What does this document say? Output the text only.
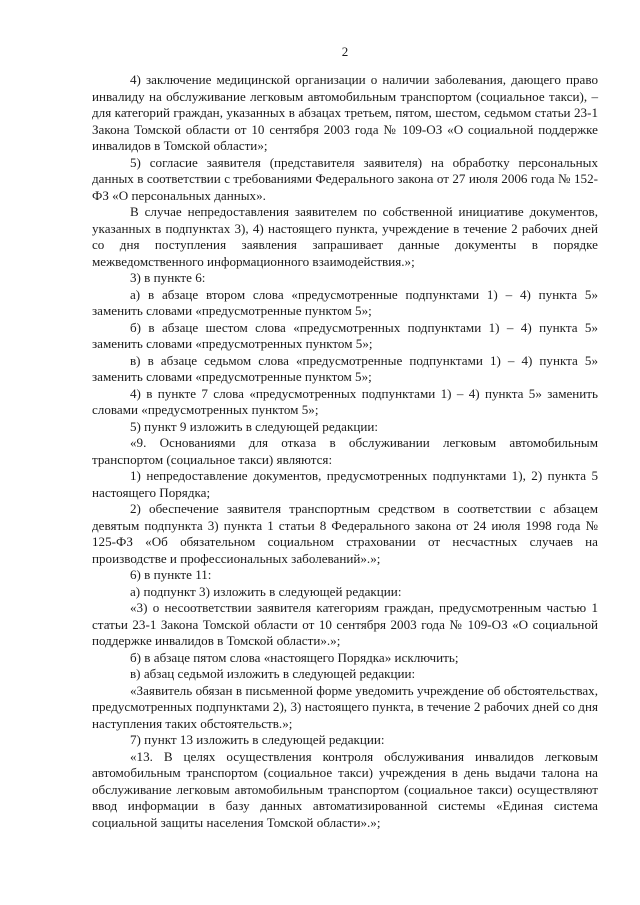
2

4) заключение медицинской организации о наличии заболевания, дающего право инвалиду на обслуживание легковым автомобильным транспортом (социальное такси), – для категорий граждан, указанных в абзацах третьем, пятом, шестом, седьмом статьи 23-1 Закона Томской области от 10 сентября 2003 года № 109-ОЗ «О социальной поддержке инвалидов в Томской области»;

5) согласие заявителя (представителя заявителя) на обработку персональных данных в соответствии с требованиями Федерального закона от 27 июля 2006 года № 152-ФЗ «О персональных данных».

В случае непредоставления заявителем по собственной инициативе документов, указанных в подпунктах 3), 4) настоящего пункта, учреждение в течение 2 рабочих дней со дня поступления заявления запрашивает данные документы в порядке межведомственного информационного взаимодействия.»;

3) в пункте 6:

а) в абзаце втором слова «предусмотренные подпунктами 1) – 4) пункта 5» заменить словами «предусмотренные пунктом 5»;

б) в абзаце шестом слова «предусмотренных подпунктами 1) – 4) пункта 5» заменить словами «предусмотренных пунктом 5»;

в) в абзаце седьмом слова «предусмотренные подпунктами 1) – 4) пункта 5» заменить словами «предусмотренные пунктом 5»;

4) в пункте 7 слова «предусмотренных подпунктами 1) – 4) пункта 5» заменить словами «предусмотренных пунктом 5»;

5) пункт 9 изложить в следующей редакции:

«9. Основаниями для отказа в обслуживании легковым автомобильным транспортом (социальное такси) являются:

1) непредоставление документов, предусмотренных подпунктами 1), 2) пункта 5 настоящего Порядка;

2) обеспечение заявителя транспортным средством в соответствии с абзацем девятым подпункта 3) пункта 1 статьи 8 Федерального закона от 24 июля 1998 года № 125-ФЗ «Об обязательном социальном страховании от несчастных случаев на производстве и профессиональных заболеваний».»;

6) в пункте 11:

а) подпункт 3) изложить в следующей редакции:

«3) о несоответствии заявителя категориям граждан, предусмотренным частью 1 статьи 23-1 Закона Томской области от 10 сентября 2003 года № 109-ОЗ «О социальной поддержке инвалидов в Томской области».»;

б) в абзаце пятом слова «настоящего Порядка» исключить;

в) абзац седьмой изложить в следующей редакции:

«Заявитель обязан в письменной форме уведомить учреждение об обстоятельствах, предусмотренных подпунктами 2), 3) настоящего пункта, в течение 2 рабочих дней со дня наступления таких обстоятельств.»;

7) пункт 13 изложить в следующей редакции:

«13. В целях осуществления контроля обслуживания инвалидов легковым автомобильным транспортом (социальное такси) учреждения в день выдачи талона на обслуживание легковым автомобильным транспортом (социальное такси) осуществляют ввод информации в базу данных автоматизированной системы «Единая система социальной защиты населения Томской области».»;
